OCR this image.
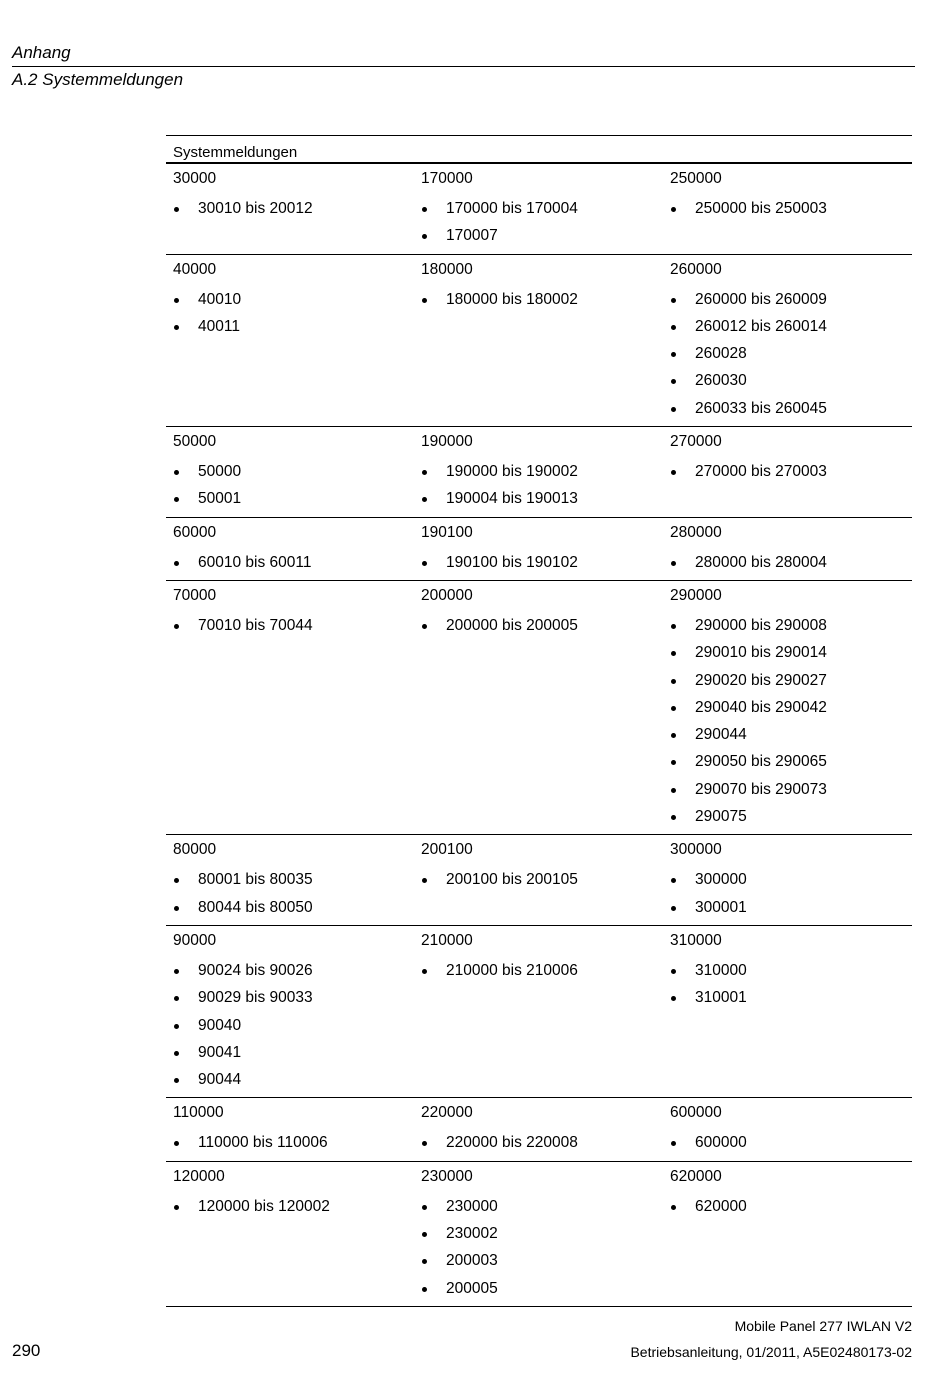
Anhang
A.2 Systemmeldungen
Systemmeldungen
30000
30010 bis 20012
170000
170000 bis 170004
170007
250000
250000 bis 250003
40000
40010
40011
180000
180000 bis 180002
260000
260000 bis 260009
260012 bis 260014
260028
260030
260033 bis 260045
50000
50000
50001
190000
190000 bis 190002
190004 bis 190013
270000
270000 bis 270003
60000
60010 bis 60011
190100
190100 bis 190102
280000
280000 bis 280004
70000
70010 bis 70044
200000
200000 bis 200005
290000
290000 bis 290008
290010 bis 290014
290020 bis 290027
290040 bis 290042
290044
290050 bis 290065
290070 bis 290073
290075
80000
80001 bis 80035
80044 bis 80050
200100
200100 bis 200105
300000
300000
300001
90000
90024 bis 90026
90029 bis 90033
90040
90041
90044
210000
210000 bis 210006
310000
310000
310001
110000
110000 bis 110006
220000
220000 bis 220008
600000
600000
120000
120000 bis 120002
230000
230000
230002
200003
200005
620000
620000
290
Mobile Panel 277 IWLAN V2
Betriebsanleitung, 01/2011, A5E02480173-02
